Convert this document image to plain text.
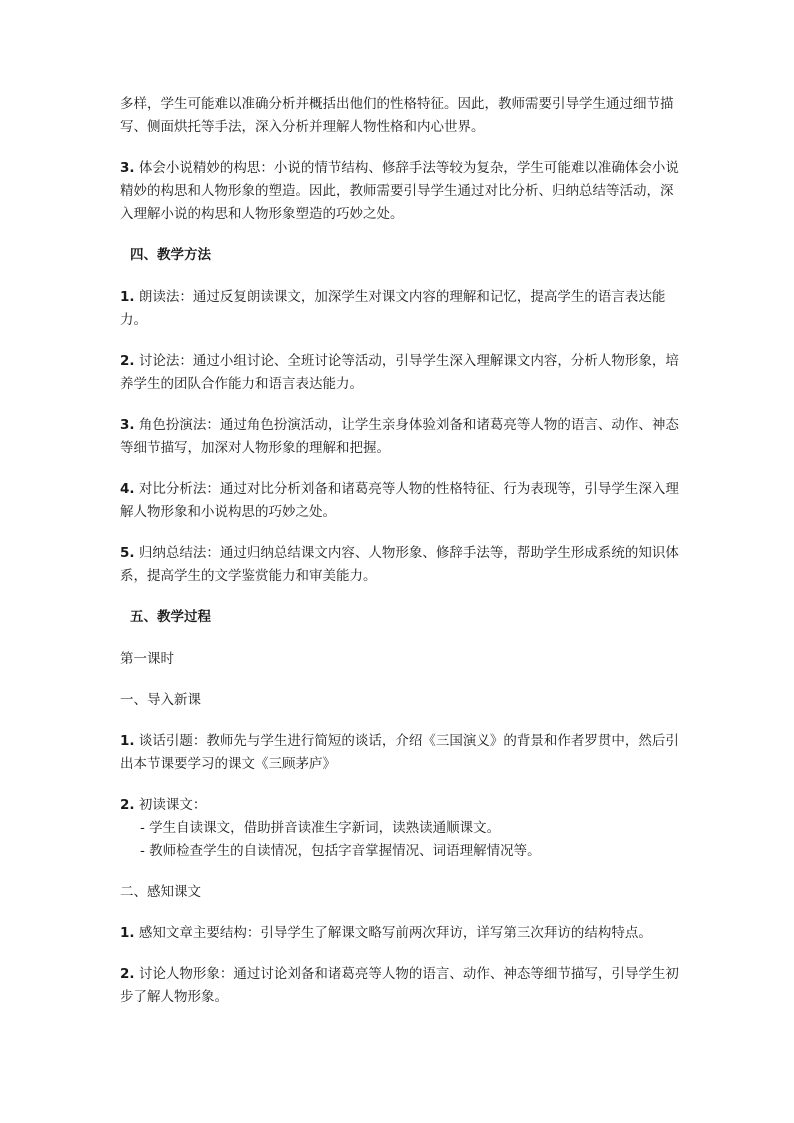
多样，学生可能难以准确分析并概括出他们的性格特征。因此，教师需要引导学生通过细节描写、侧面烘托等手法，深入分析并理解人物性格和内心世界。

3. 体会小说精妙的构思：小说的情节结构、修辞手法等较为复杂，学生可能难以准确体会小说精妙的构思和人物形象的塑造。因此，教师需要引导学生通过对比分析、归纳总结等活动，深入理解小说的构思和人物形象塑造的巧妙之处。

四、教学方法

1. 朗读法：通过反复朗读课文，加深学生对课文内容的理解和记忆，提高学生的语言表达能力。

2. 讨论法：通过小组讨论、全班讨论等活动，引导学生深入理解课文内容，分析人物形象，培养学生的团队合作能力和语言表达能力。

3. 角色扮演法：通过角色扮演活动，让学生亲身体验刘备和诸葛亮等人物的语言、动作、神态等细节描写，加深对人物形象的理解和把握。

4. 对比分析法：通过对比分析刘备和诸葛亮等人物的性格特征、行为表现等，引导学生深入理解人物形象和小说构思的巧妙之处。

5. 归纳总结法：通过归纳总结课文内容、人物形象、修辞手法等，帮助学生形成系统的知识体系，提高学生的文学鉴赏能力和审美能力。

五、教学过程

第一课时

一、导入新课

1. 谈话引题：教师先与学生进行简短的谈话，介绍《三国演义》的背景和作者罗贯中，然后引出本节课要学习的课文《三顾茅庐》

2. 初读课文：

- 学生自读课文，借助拼音读准生字新词，读熟读通顺课文。

- 教师检查学生的自读情况，包括字音掌握情况、词语理解情况等。

二、感知课文

1. 感知文章主要结构：引导学生了解课文略写前两次拜访，详写第三次拜访的结构特点。

2. 讨论人物形象：通过讨论刘备和诸葛亮等人物的语言、动作、神态等细节描写，引导学生初步了解人物形象。
